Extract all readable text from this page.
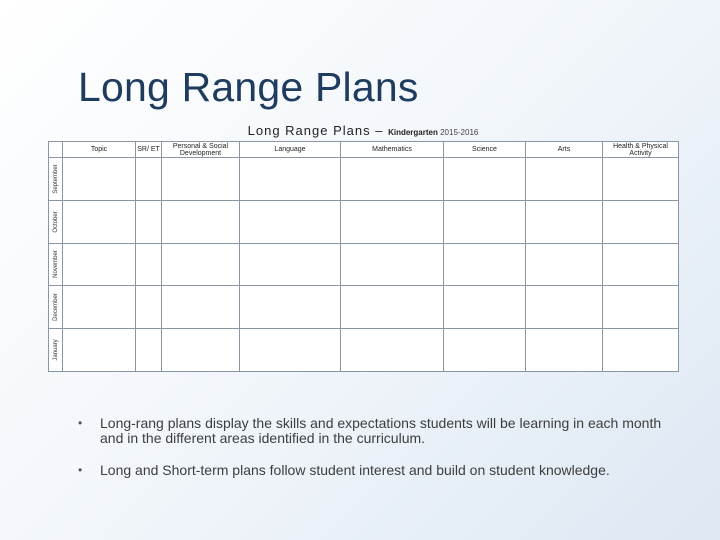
Long Range Plans
Long Range Plans – Kindergarten 2015-2016
	Topic	SR/ ET	Personal & Social Development	Language	Mathematics	Science	Arts	Health & Physical Activity

September								

October								

November								

December								

January								

• Long-rang plans display the skills and expectations students will be learning in each month and in the different areas identified in the curriculum.
• Long and Short-term plans follow student interest and build on student knowledge.
